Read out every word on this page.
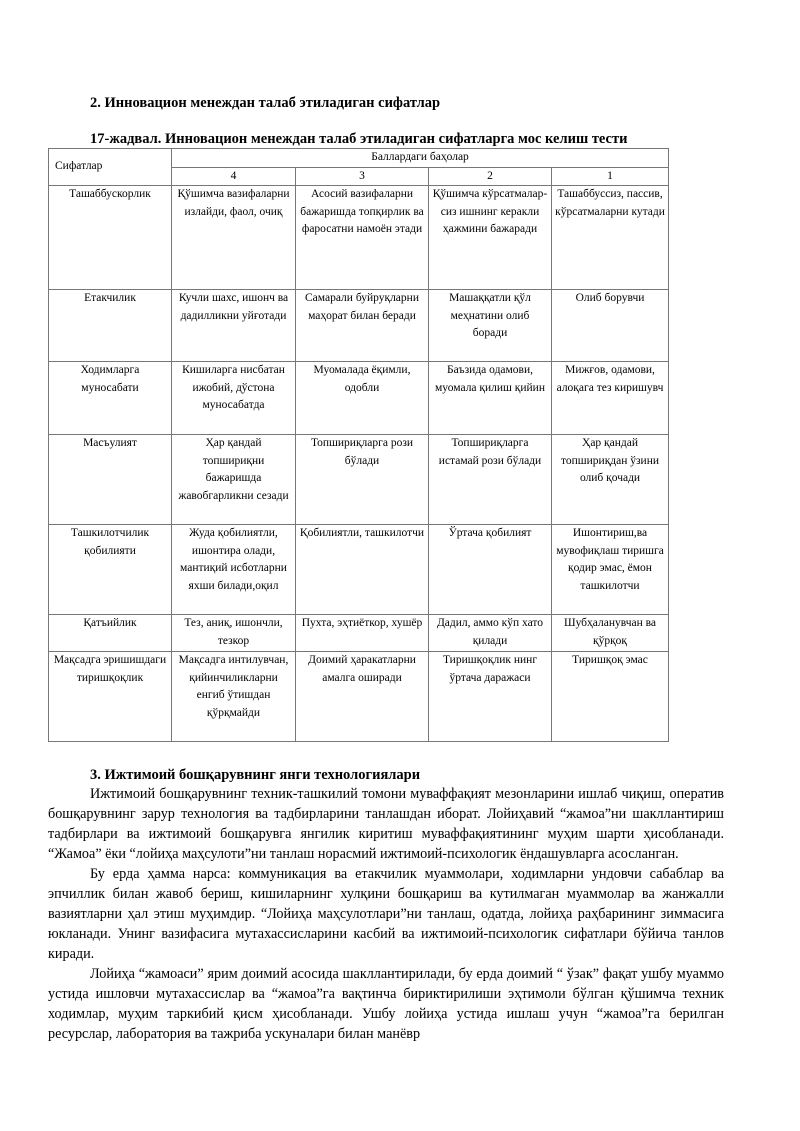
2. Инновацион менеждан талаб этиладиган сифатлар
17-жадвал. Инновацион менеждан талаб этиладиган сифатларга мос келиш тести
Сифатлар	Баллардаги баҳолар			
	4	3	2	1
Ташаббускорлик	Қўшимча вазифаларни излайди, фаол, очиқ	Асосий вазифаларни бажаришда топқирлик ва фаросатни намоён этади	Қўшимча кўрсатмалар-сиз ишнинг керакли ҳажмини бажаради	Ташаббуссиз, пассив, кўрсатмаларни кутади
Етакчилик	Кучли шахс, ишонч ва дадилликни уйғотади	Самарали буйруқларни маҳорат билан беради	Машаққатли қўл меҳнатини олиб боради	Олиб борувчи
Ходимларга муносабати	Кишиларга нисбатан ижобий, дўстона муносабатда	Муомалада ёқимли, одобли	Баъзида одамови, муомала қилиш қийин	Мижғов, одамови, алоқага тез киришувч
Масъулият	Ҳар қандай топшириқни бажаришда жавобгарликни сезади	Топшириқларга рози бўлади	Топшириқларга истамай рози бўлади	Ҳар қандай топшириқдан ўзини олиб қочади
Ташкилотчилик қобилияти	Жуда қобилиятли, ишонтира олади, мантиқий исботларни яхши билади,оқил	Қобилиятли, ташкилотчи	Ўртача қобилият	Ишонтириш,ва мувофиқлаш тиришга қодир эмас, ёмон ташкилотчи
Қатъийлик	Тез, аниқ, ишончли, тезкор	Пухта, эҳтиёткор, хушёр	Дадил, аммо кўп хато қилади	Шубҳаланувчан ва қўрқоқ
Мақсадга эришишдаги тиришқоқлик	Мақсадга интилувчан, қийинчиликларни енгиб ўтишдан қўрқмайди	Доимий ҳаракатларни амалга оширади	Тиришқоқлик нинг ўртача даражаси	Тиришқоқ эмас
3. Ижтимоий бошқарувнинг янги технологиялари

Ижтимоий бошқарувнинг техник-ташкилий томони муваффақият мезонларини ишлаб чиқиш, оператив бошқарувнинг зарур технология ва тадбирларини танлашдан иборат. Лойиҳавий “жамоа”ни шакллантириш тадбирлари ва ижтимоий бошқарувга янгилик киритиш муваффақиятининг муҳим шарти ҳисобланади. “Жамоа” ёки “лойиҳа маҳсулоти”ни танлаш норасмий ижтимоий-психологик ёндашувларга асосланган.

Бу ерда ҳамма нарса: коммуникация ва етакчилик муаммолари, ходимларни ундовчи сабаблар ва эпчиллик билан жавоб бериш, кишиларнинг хулқини бошқариш ва кутилмаган муаммолар ва жанжалли вазиятларни ҳал этиш муҳимдир. “Лойиҳа маҳсулотлари”ни танлаш, одатда, лойиҳа раҳбарининг зиммасига юкланади. Унинг вазифасига мутахассисларини касбий ва ижтимоий-психологик сифатлари бўйича танлов киради.

Лойиҳа “жамоаси” ярим доимий асосида шакллантирилади, бу ерда доимий “ ўзак” фақат ушбу муаммо устида ишловчи мутахассислар ва “жамоа”га вақтинча бириктирилиши эҳтимоли бўлган қўшимча техник ходимлар, муҳим таркибий қисм ҳисобланади. Ушбу лойиҳа устида ишлаш учун “жамоа”га берилган ресурслар, лаборатория ва тажриба ускуналари билан манёвр
